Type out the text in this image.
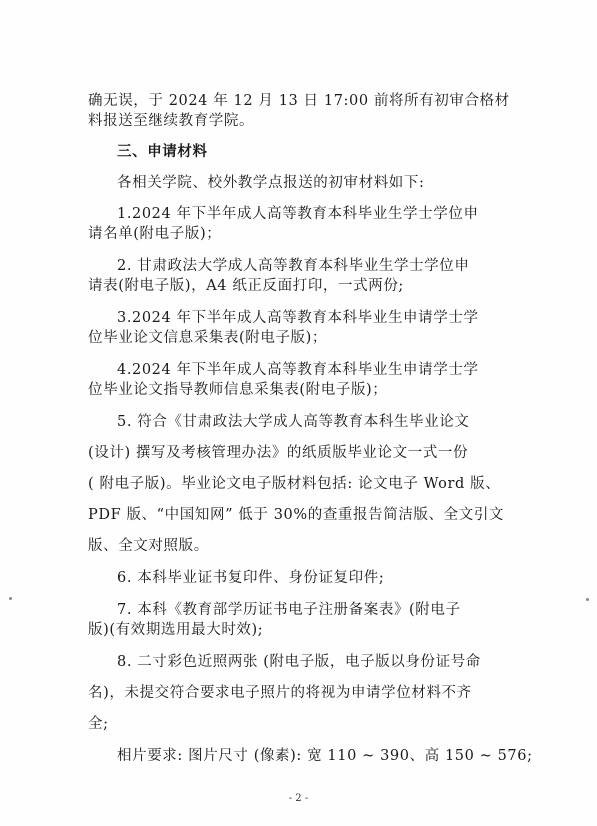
确无误，于 2024 年 12 月 13 日 17:00 前将所有初审合格材

料报送至继续教育学院。

三、申请材料

各相关学院、校外教学点报送的初审材料如下:

1.2024 年下半年成人高等教育本科毕业生学士学位申

请名单(附电子版)；

2. 甘肃政法大学成人高等教育本科毕业生学士学位申

请表(附电子版)，A4 纸正反面打印，一式两份;

3.2024 年下半年成人高等教育本科毕业生申请学士学

位毕业论文信息采集表(附电子版)；

4.2024 年下半年成人高等教育本科毕业生申请学士学

位毕业论文指导教师信息采集表(附电子版)；

5. 符合《甘肃政法大学成人高等教育本科生毕业论文

(设计) 撰写及考核管理办法》的纸质版毕业论文一式一份

( 附电子版)。毕业论文电子版材料包括: 论文电子 Word 版、

PDF 版、“中国知网” 低于 30%的查重报告简洁版、全文引文

版、全文对照版。

6. 本科毕业证书复印件、身份证复印件;

7. 本科《教育部学历证书电子注册备案表》(附电子

版)(有效期选用最大时效);

8. 二寸彩色近照两张 (附电子版，电子版以身份证号命

名)，未提交符合要求电子照片的将视为申请学位材料不齐

全;

相片要求: 图片尺寸 (像素): 宽 110 ~ 390、高 150 ~ 576;

- 2 -
